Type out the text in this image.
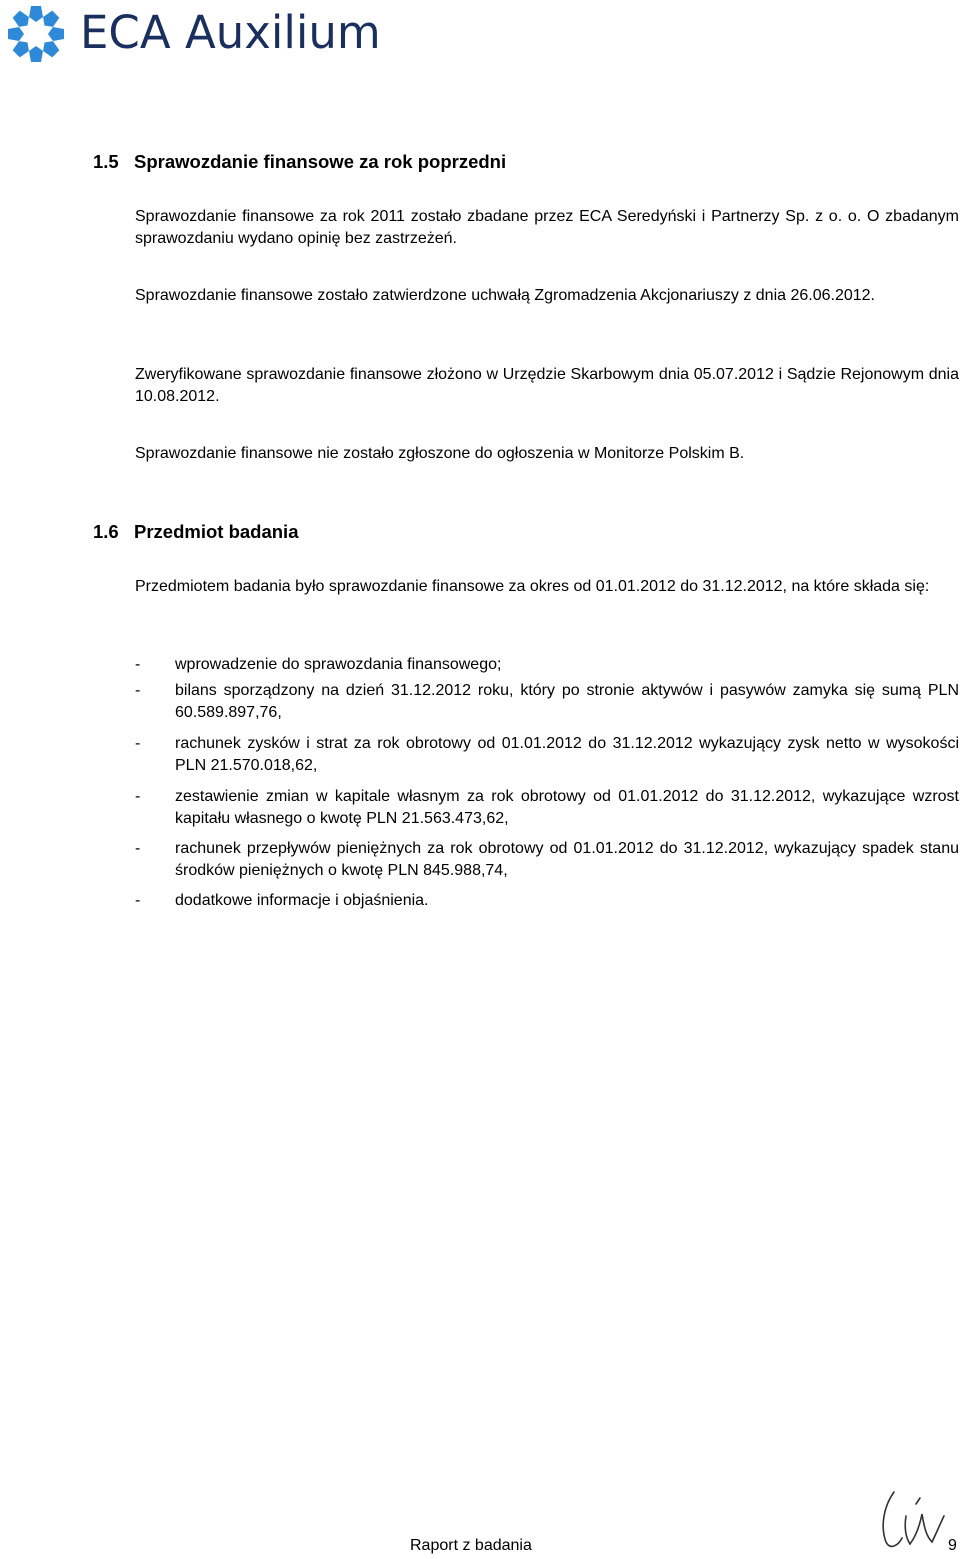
ECA Auxilium
1.5 Sprawozdanie finansowe za rok poprzedni
Sprawozdanie finansowe za rok 2011 zostało zbadane przez ECA Seredyński i Partnerzy Sp. z o. o. O zbadanym sprawozdaniu wydano opinię bez zastrzeżeń.
Sprawozdanie finansowe zostało zatwierdzone uchwałą Zgromadzenia Akcjonariuszy z dnia 26.06.2012.
Zweryfikowane sprawozdanie finansowe złożono w Urzędzie Skarbowym dnia 05.07.2012 i Sądzie Rejonowym dnia 10.08.2012.
Sprawozdanie finansowe nie zostało zgłoszone do ogłoszenia w Monitorze Polskim B.
1.6 Przedmiot badania
Przedmiotem badania było sprawozdanie finansowe za okres od 01.01.2012 do 31.12.2012, na które składa się:
- wprowadzenie do sprawozdania finansowego;
- bilans sporządzony na dzień 31.12.2012 roku, który po stronie aktywów i pasywów zamyka się sumą PLN 60.589.897,76,
- rachunek zysków i strat za rok obrotowy od 01.01.2012 do 31.12.2012 wykazujący zysk netto w wysokości PLN 21.570.018,62,
- zestawienie zmian w kapitale własnym za rok obrotowy od 01.01.2012 do 31.12.2012, wykazujące wzrost kapitału własnego o kwotę PLN 21.563.473,62,
- rachunek przepływów pieniężnych za rok obrotowy od 01.01.2012 do 31.12.2012, wykazujący spadek stanu środków pieniężnych o kwotę PLN 845.988,74,
- dodatkowe informacje i objaśnienia.
Raport z badania	9
